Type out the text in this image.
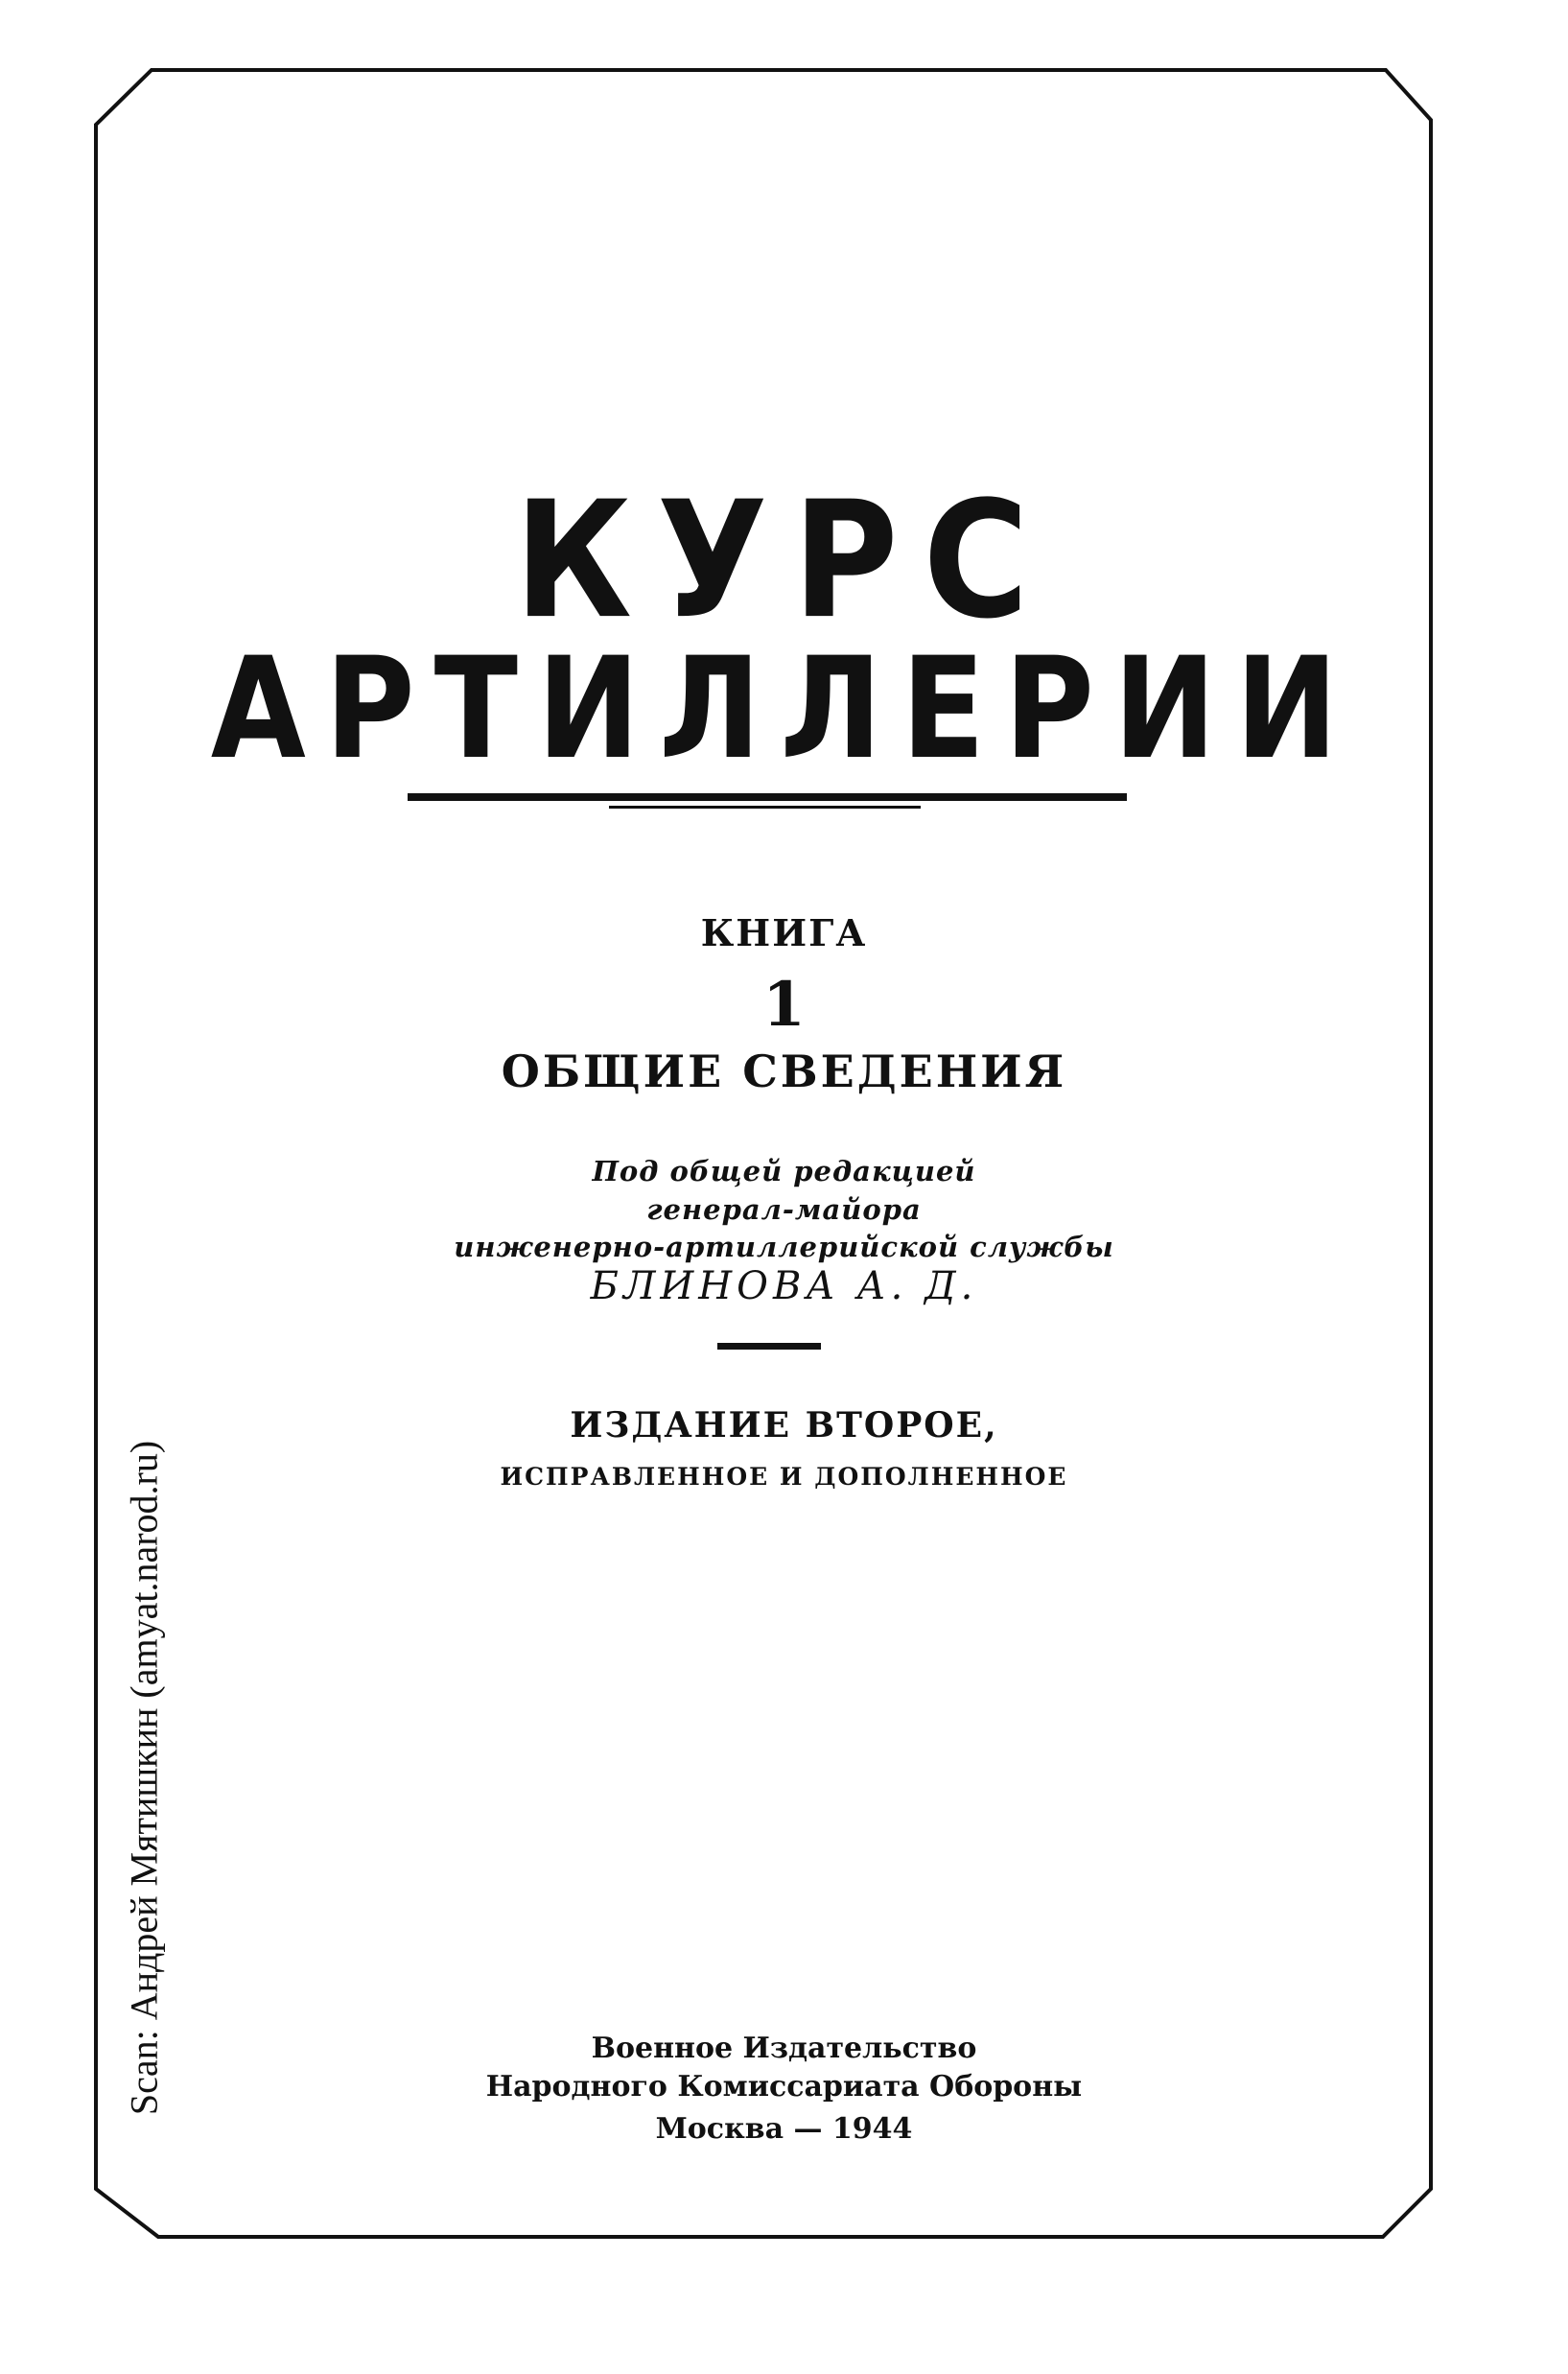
КУРС
АРТИЛЛЕРИИ
КНИГА
1
ОБЩИЕ СВЕДЕНИЯ
Под общей редакцией
генерал-майора
инженерно-артиллерийской службы
БЛИНОВА А. Д.
ИЗДАНИЕ ВТОРОЕ,
ИСПРАВЛЕННОЕ И ДОПОЛНЕННОЕ
Военное Издательство
Народного Комиссариата Обороны
Москва — 1944
Scan: Андрей Мятишкин (amyat.narod.ru)
